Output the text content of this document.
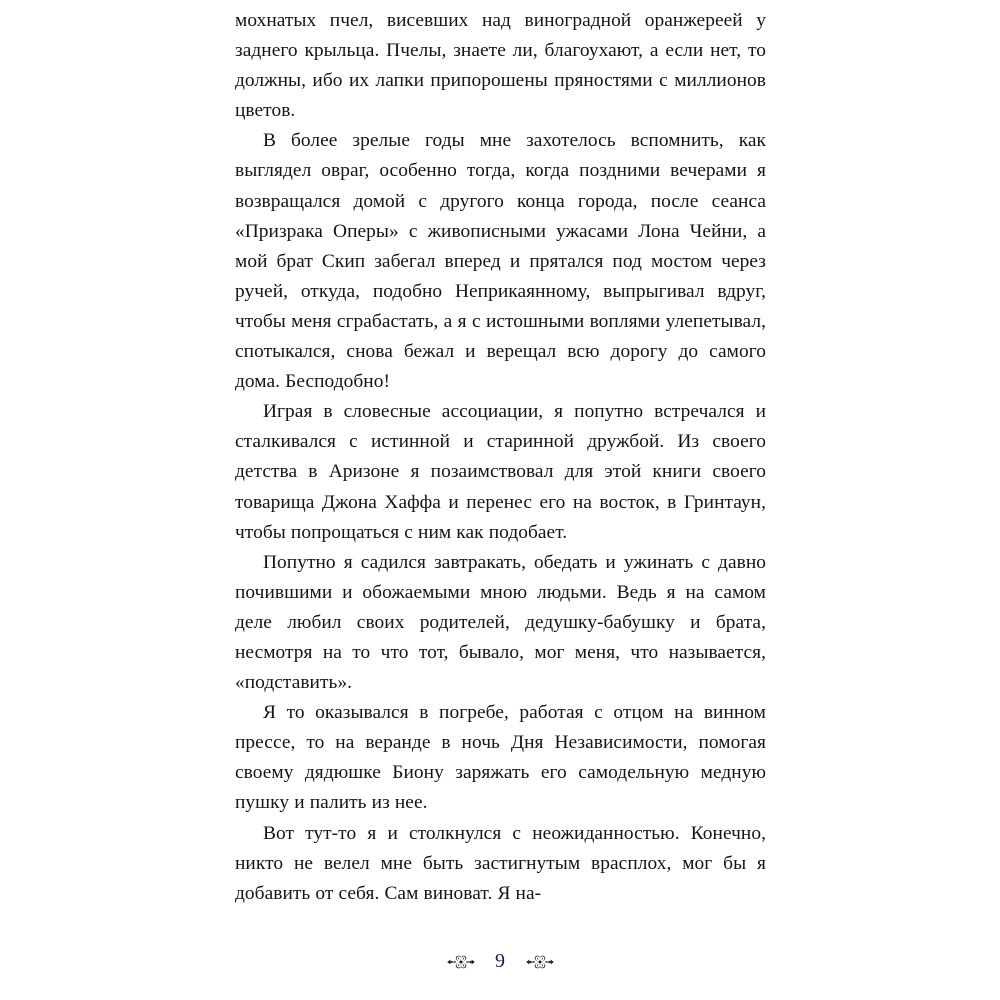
мохнатых пчел, висевших над виноградной оранжереей у заднего крыльца. Пчелы, знаете ли, благоухают, а если нет, то должны, ибо их лапки припорошены пряностями с миллионов цветов.

В более зрелые годы мне захотелось вспомнить, как выглядел овраг, особенно тогда, когда поздними вечерами я возвращался домой с другого конца города, после сеанса «Призрака Оперы» с живописными ужасами Лона Чейни, а мой брат Скип забегал вперед и прятался под мостом через ручей, откуда, подобно Неприкаянному, выпрыгивал вдруг, чтобы меня сграбастать, а я с истошными воплями улепетывал, спотыкался, снова бежал и верещал всю дорогу до самого дома. Бесподобно!

Играя в словесные ассоциации, я попутно встречался и сталкивался с истинной и старинной дружбой. Из своего детства в Аризоне я позаимствовал для этой книги своего товарища Джона Хаффа и перенес его на восток, в Гринтаун, чтобы попрощаться с ним как подобает.

Попутно я садился завтракать, обедать и ужинать с давно почившими и обожаемыми мною людьми. Ведь я на самом деле любил своих родителей, дедушку-бабушку и брата, несмотря на то что тот, бывало, мог меня, что называется, «подставить».

Я то оказывался в погребе, работая с отцом на винном прессе, то на веранде в ночь Дня Независимости, помогая своему дядюшке Биону заряжать его самодельную медную пушку и палить из нее.

Вот тут-то я и столкнулся с неожиданностью. Конечно, никто не велел мне быть застигнутым врасплох, мог бы я добавить от себя. Сам виноват. Я на-

9
